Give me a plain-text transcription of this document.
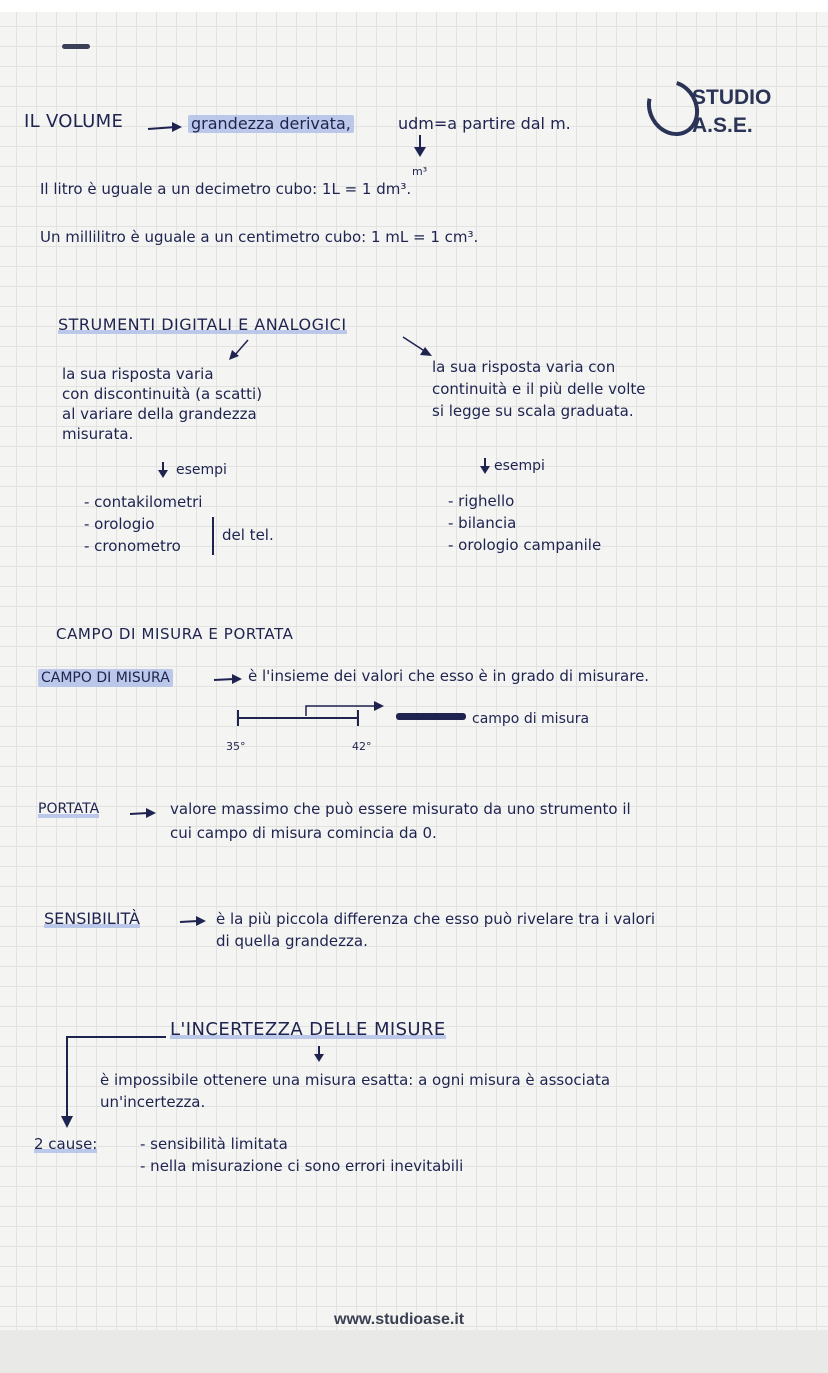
STUDIO
A.S.E.
IL VOLUME	grandezza derivata,	udm=a partire dal m.
m³
Il litro è uguale a un decimetro cubo: 1L = 1 dm³.
Un millilitro è uguale a un centimetro cubo: 1 mL = 1 cm³.
STRUMENTI DIGITALI E ANALOGICI
la sua risposta varia
con discontinuità (a scatti)
al variare della grandezza
misurata.
la sua risposta varia con
continuità e il più delle volte
si legge su scala graduata.
esempi	esempi
- contakilometri
- orologio
- cronometro
del tel.
- righello
- bilancia
- orologio campanile
CAMPO DI MISURA E PORTATA
CAMPO DI MISURA	è l'insieme dei valori che esso è in grado di misurare.
35°	42°
campo di misura
PORTATA	valore massimo che può essere misurato da uno strumento il
cui campo di misura comincia da 0.
SENSIBILITÀ	è la più piccola differenza che esso può rivelare tra i valori
di quella grandezza.
L'INCERTEZZA DELLE MISURE
è impossibile ottenere una misura esatta: a ogni misura è associata
un'incertezza.
2 cause:	- sensibilità limitata
- nella misurazione ci sono errori inevitabili
www.studioase.it
